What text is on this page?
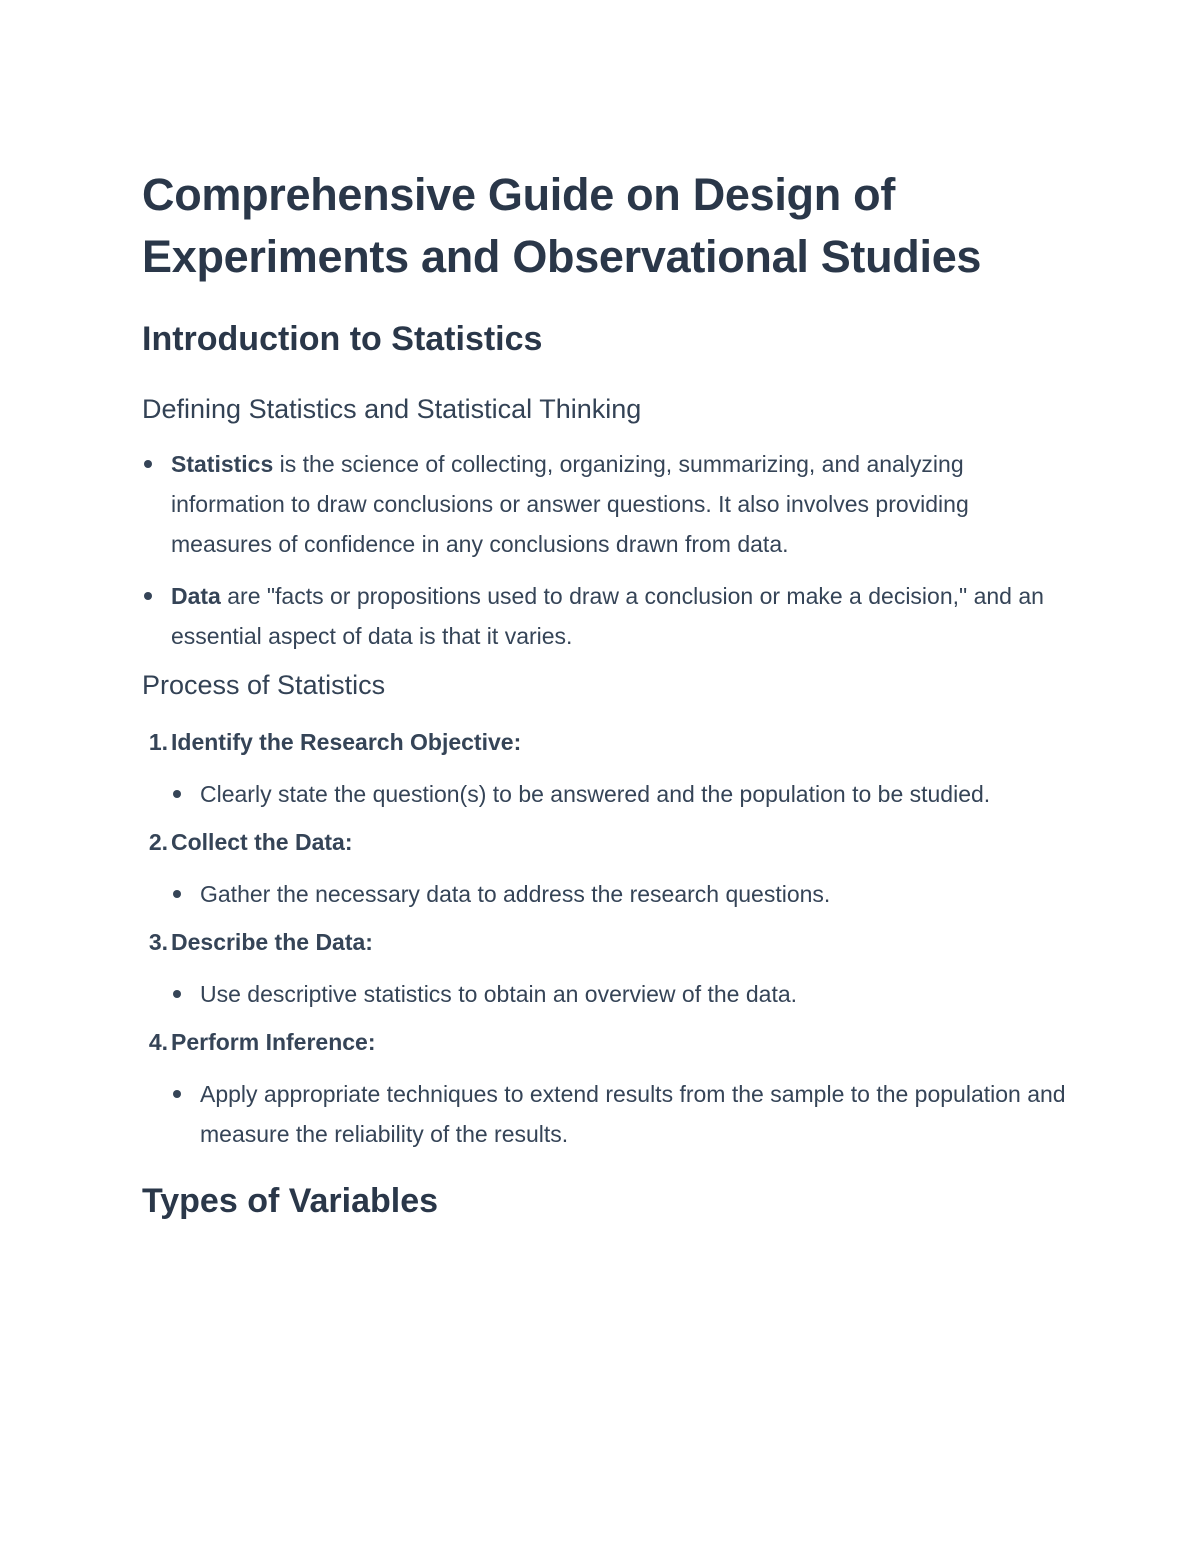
Comprehensive Guide on Design of Experiments and Observational Studies
Introduction to Statistics
Defining Statistics and Statistical Thinking
Statistics is the science of collecting, organizing, summarizing, and analyzing information to draw conclusions or answer questions. It also involves providing measures of confidence in any conclusions drawn from data.
Data are "facts or propositions used to draw a conclusion or make a decision," and an essential aspect of data is that it varies.
Process of Statistics
1. Identify the Research Objective:
Clearly state the question(s) to be answered and the population to be studied.
2. Collect the Data:
Gather the necessary data to address the research questions.
3. Describe the Data:
Use descriptive statistics to obtain an overview of the data.
4. Perform Inference:
Apply appropriate techniques to extend results from the sample to the population and measure the reliability of the results.
Types of Variables
